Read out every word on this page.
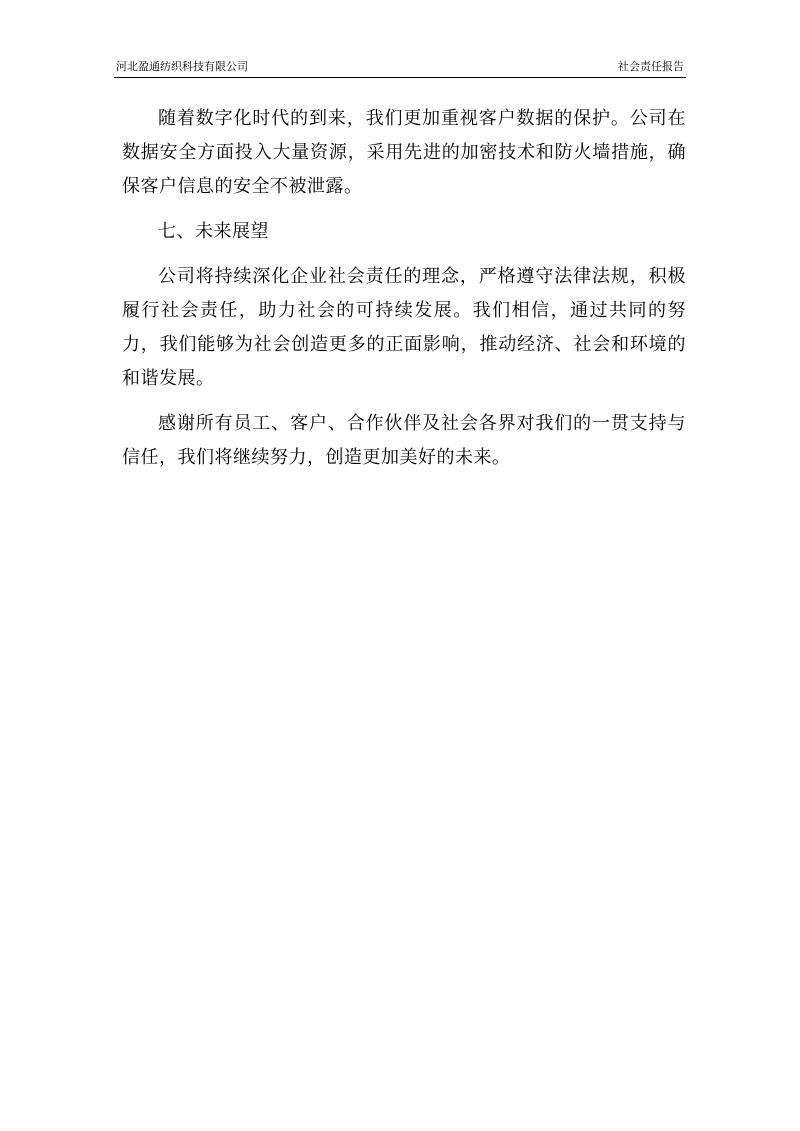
河北盈通纺织科技有限公司	社会责任报告

随着数字化时代的到来，我们更加重视客户数据的保护。公司在数据安全方面投入大量资源，采用先进的加密技术和防火墙措施，确保客户信息的安全不被泄露。

七、未来展望

公司将持续深化企业社会责任的理念，严格遵守法律法规，积极履行社会责任，助力社会的可持续发展。我们相信，通过共同的努力，我们能够为社会创造更多的正面影响，推动经济、社会和环境的和谐发展。

感谢所有员工、客户、合作伙伴及社会各界对我们的一贯支持与信任，我们将继续努力，创造更加美好的未来。
